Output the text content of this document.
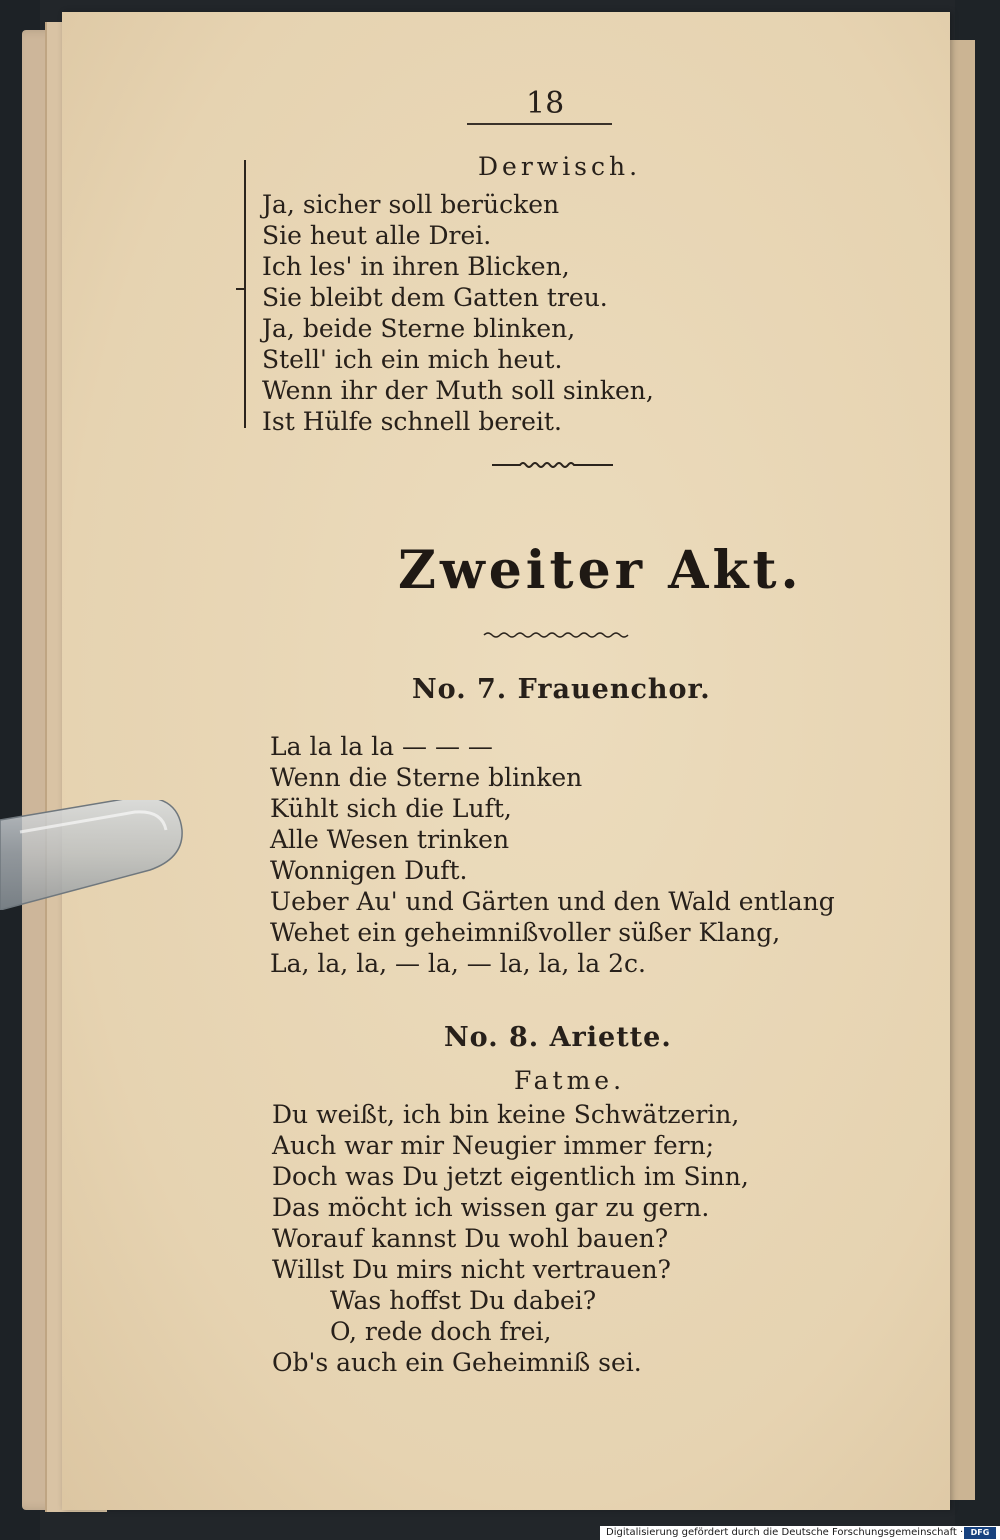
18
Derwisch.
Ja, sicher soll berücken
Sie heut alle Drei.
Ich les' in ihren Blicken,
Sie bleibt dem Gatten treu.
Ja, beide Sterne blinken,
Stell' ich ein mich heut.
Wenn ihr der Muth soll sinken,
Ist Hülfe schnell bereit.
Zweiter Akt.
No. 7. Frauenchor.
La la la la — — —
Wenn die Sterne blinken
Kühlt sich die Luft,
Alle Wesen trinken
Wonnigen Duft.
Ueber Au' und Gärten und den Wald entlang
Wehet ein geheimnißvoller süßer Klang,
La, la, la, — la, — la, la, la 2c.
No. 8. Ariette.
Fatme.
Du weißt, ich bin keine Schwätzerin,
Auch war mir Neugier immer fern;
Doch was Du jetzt eigentlich im Sinn,
Das möcht ich wissen gar zu gern.
Worauf kannst Du wohl bauen?
Willst Du mirs nicht vertrauen?
Was hoffst Du dabei?
O, rede doch frei,
Ob's auch ein Geheimniß sei.
Digitalisierung gefördert durch die Deutsche Forschungsgemeinschaft · DFG
